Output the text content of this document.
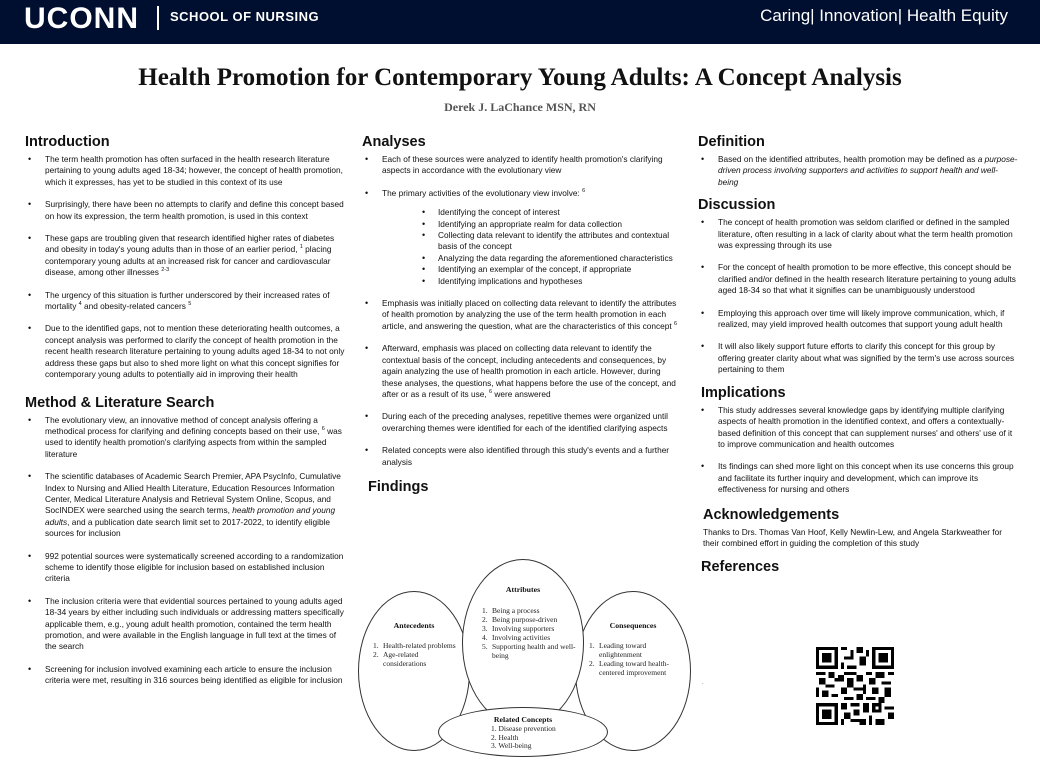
UCONN SCHOOL OF NURSING	Caring| Innovation| Health Equity
Health Promotion for Contemporary Young Adults: A Concept Analysis
Derek J. LaChance MSN, RN
Introduction
• The term health promotion has often surfaced in the health research literature pertaining to young adults aged 18-34; however, the concept of health promotion, which it expresses, has yet to be studied in this context of its use
• Surprisingly, there have been no attempts to clarify and define this concept based on how its expression, the term health promotion, is used in this context
• These gaps are troubling given that research identified higher rates of diabetes and obesity in today's young adults than in those of an earlier period, $^1$ placing contemporary young adults at an increased risk for cancer and cardiovascular disease, among other illnesses $^{2-3}$
• The urgency of this situation is further underscored by their increased rates of mortality $^4$ and obesity-related cancers $^5$
• Due to the identified gaps, not to mention these deteriorating health outcomes, a concept analysis was performed to clarify the concept of health promotion in the recent health research literature pertaining to young adults aged 18-34 to not only address these gaps but also to shed more light on what this concept signifies for contemporary young adults to potentially aid in improving their health
Method & Literature Search
• The evolutionary view, an innovative method of concept analysis offering a methodical process for clarifying and defining concepts based on their use, $^6$ was used to identify health promotion's clarifying aspects from within the sampled literature
• The scientific databases of Academic Search Premier, APA PsycInfo, Cumulative Index to Nursing and Allied Health Literature, Education Resources Information Center, Medical Literature Analysis and Retrieval System Online, Scopus, and SocINDEX were searched using the search terms, health promotion and young adults, and a publication date search limit set to 2017-2022, to identify eligible sources for inclusion
• 992 potential sources were systematically screened according to a randomization scheme to identify those eligible for inclusion based on established inclusion criteria
• The inclusion criteria were that evidential sources pertained to young adults aged 18-34 years by either including such individuals or addressing matters specifically applicable them, e.g., young adult health promotion, contained the term health promotion, and were available in the English language in full text at the times of the search
• Screening for inclusion involved examining each article to ensure the inclusion criteria were met, resulting in 316 sources being identified as eligible for inclusion
Analyses
• Each of these sources were analyzed to identify health promotion's clarifying aspects in accordance with the evolutionary view
• The primary activities of the evolutionary view involve: $^6$
• Identifying the concept of interest
• Identifying an appropriate realm for data collection
• Collecting data relevant to identify the attributes and contextual basis of the concept
• Analyzing the data regarding the aforementioned characteristics
• Identifying an exemplar of the concept, if appropriate
• Identifying implications and hypotheses
• Emphasis was initially placed on collecting data relevant to identify the attributes of health promotion by analyzing the use of the term health promotion in each article, and answering the question, what are the characteristics of this concept $^6$
• Afterward, emphasis was placed on collecting data relevant to identify the contextual basis of the concept, including antecedents and consequences, by again analyzing the use of health promotion in each article. However, during these analyses, the questions, what happens before the use of the concept, and after or as a result of its use, $^6$ were answered
• During each of the preceding analyses, repetitive themes were organized until overarching themes were identified for each of the identified clarifying aspects
• Related concepts were also identified through this study's events and a further analysis
Findings
Antecedents
1. Health-related problems
2. Age-related considerations
Consequences
1. Leading toward enlightenment
2. Leading toward health-centered improvement
Attributes
1. Being a process
2. Being purpose-driven
3. Involving supporters
4. Involving activities
5. Supporting health and well-being
Related Concepts
1. Disease prevention
2. Health
3. Well-being
Definition
• Based on the identified attributes, health promotion may be defined as a purpose-driven process involving supporters and activities to support health and well-being
Discussion
• The concept of health promotion was seldom clarified or defined in the sampled literature, often resulting in a lack of clarity about what the term health promotion was expressing through its use
• For the concept of health promotion to be more effective, this concept should be clarified and/or defined in the health research literature pertaining to young adults aged 18-34 so that what it signifies can be unambiguously understood
• Employing this approach over time will likely improve communication, which, if realized, may yield improved health outcomes that support young adult health
• It will also likely support future efforts to clarify this concept for this group by offering greater clarity about what was signified by the term's use across sources pertaining to them
Implications
• This study addresses several knowledge gaps by identifying multiple clarifying aspects of health promotion in the identified context, and offers a contextually-based definition of this concept that can supplement nurses' and others' use of it to improve communication and health outcomes
• Its findings can shed more light on this concept when its use concerns this group and facilitate its further inquiry and development, which can improve its effectiveness for nursing and others
Acknowledgements

Thanks to Drs. Thomas Van Hoof, Kelly Newlin-Lew, and Angela Starkweather for their combined effort in guiding the completion of this study

References
.
